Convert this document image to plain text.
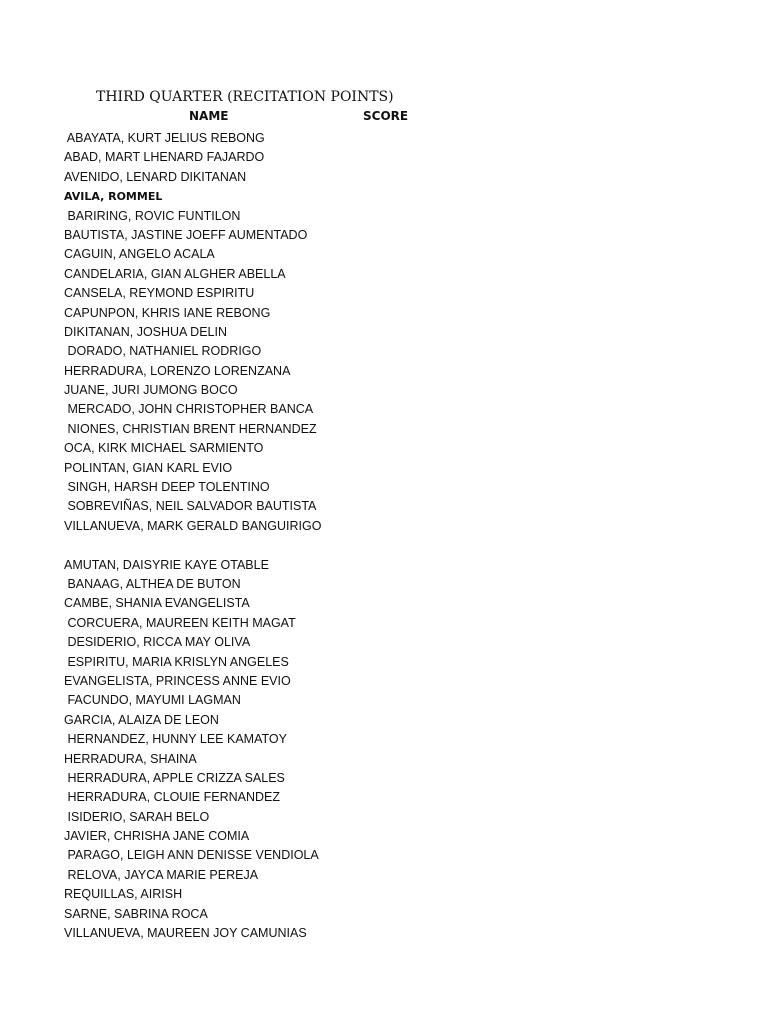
THIRD QUARTER (RECITATION POINTS)
NAME	SCORE
ABAYATA, KURT JELIUS REBONG
ABAD, MART LHENARD FAJARDO
AVENIDO, LENARD DIKITANAN
AVILA, ROMMEL
BARIRING, ROVIC FUNTILON
BAUTISTA, JASTINE JOEFF AUMENTADO
CAGUIN, ANGELO ACALA
CANDELARIA, GIAN ALGHER ABELLA
CANSELA, REYMOND ESPIRITU
CAPUNPON, KHRIS IANE REBONG
DIKITANAN, JOSHUA DELIN
DORADO, NATHANIEL RODRIGO
HERRADURA, LORENZO LORENZANA
JUANE, JURI JUMONG BOCO
MERCADO, JOHN CHRISTOPHER BANCA
NIONES, CHRISTIAN BRENT HERNANDEZ
OCA, KIRK MICHAEL SARMIENTO
POLINTAN, GIAN KARL EVIO
SINGH, HARSH DEEP TOLENTINO
SOBREVIÑAS, NEIL SALVADOR BAUTISTA
VILLANUEVA, MARK GERALD BANGUIRIGO
AMUTAN, DAISYRIE KAYE OTABLE
BANAAG, ALTHEA DE BUTON
CAMBE, SHANIA EVANGELISTA
CORCUERA, MAUREEN KEITH MAGAT
DESIDERIO, RICCA MAY OLIVA
ESPIRITU, MARIA KRISLYN ANGELES
EVANGELISTA, PRINCESS ANNE EVIO
FACUNDO, MAYUMI LAGMAN
GARCIA, ALAIZA DE LEON
HERNANDEZ, HUNNY LEE KAMATOY
HERRADURA, SHAINA
HERRADURA, APPLE CRIZZA SALES
HERRADURA, CLOUIE FERNANDEZ
ISIDERIO, SARAH BELO
JAVIER, CHRISHA JANE COMIA
PARAGO, LEIGH ANN DENISSE VENDIOLA
RELOVA, JAYCA MARIE PEREJA
REQUILLAS, AIRISH
SARNE, SABRINA ROCA
VILLANUEVA, MAUREEN JOY CAMUNIAS
